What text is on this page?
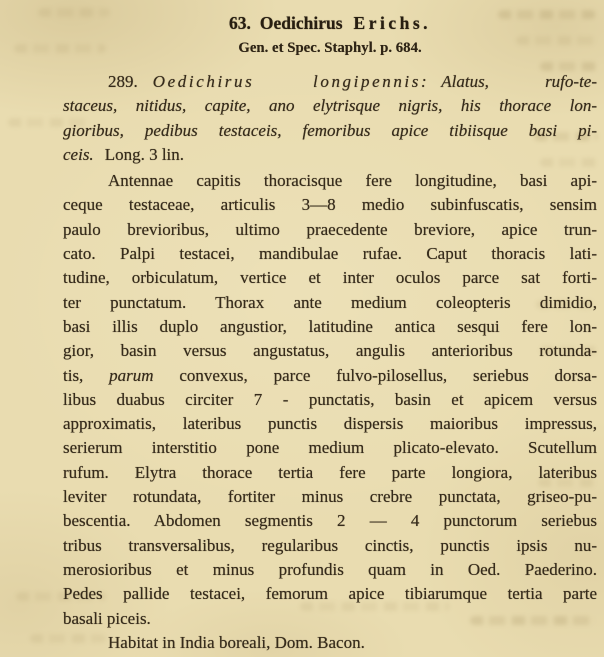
63. Oedichirus Erichs.
Gen. et Spec. Staphyl. p. 684.
289. Oedichirus longipennis: Alatus, rufo-te-
staceus, nitidus, capite, ano elytrisque nigris, his thorace lon-
gioribus, pedibus testaceis, femoribus apice tibiisque basi pi-
ceis. Long. 3 lin.
Antennae capitis thoracisque fere longitudine, basi api-
ceque testaceae, articulis 3—8 medio subinfuscatis, sensim
paulo brevioribus, ultimo praecedente breviore, apice trun-
cato. Palpi testacei, mandibulae rufae. Caput thoracis lati-
tudine, orbiculatum, vertice et inter oculos parce sat forti-
ter punctatum. Thorax ante medium coleopteris dimidio,
basi illis duplo angustior, latitudine antica sesqui fere lon-
gior, basin versus angustatus, angulis anterioribus rotunda-
tis, parum convexus, parce fulvo-pilosellus, seriebus dorsa-
libus duabus circiter 7 - punctatis, basin et apicem versus
approximatis, lateribus punctis dispersis maioribus impressus,
serierum interstitio pone medium plicato-elevato. Scutellum
rufum. Elytra thorace tertia fere parte longiora, lateribus
leviter rotundata, fortiter minus crebre punctata, griseo-pu-
bescentia. Abdomen segmentis 2 — 4 punctorum seriebus
tribus transversalibus, regularibus cinctis, punctis ipsis nu-
merosioribus et minus profundis quam in Oed. Paederino.
Pedes pallide testacei, femorum apice tibiarumque tertia parte
basali piceis.
Habitat in India boreali, Dom. Bacon.
